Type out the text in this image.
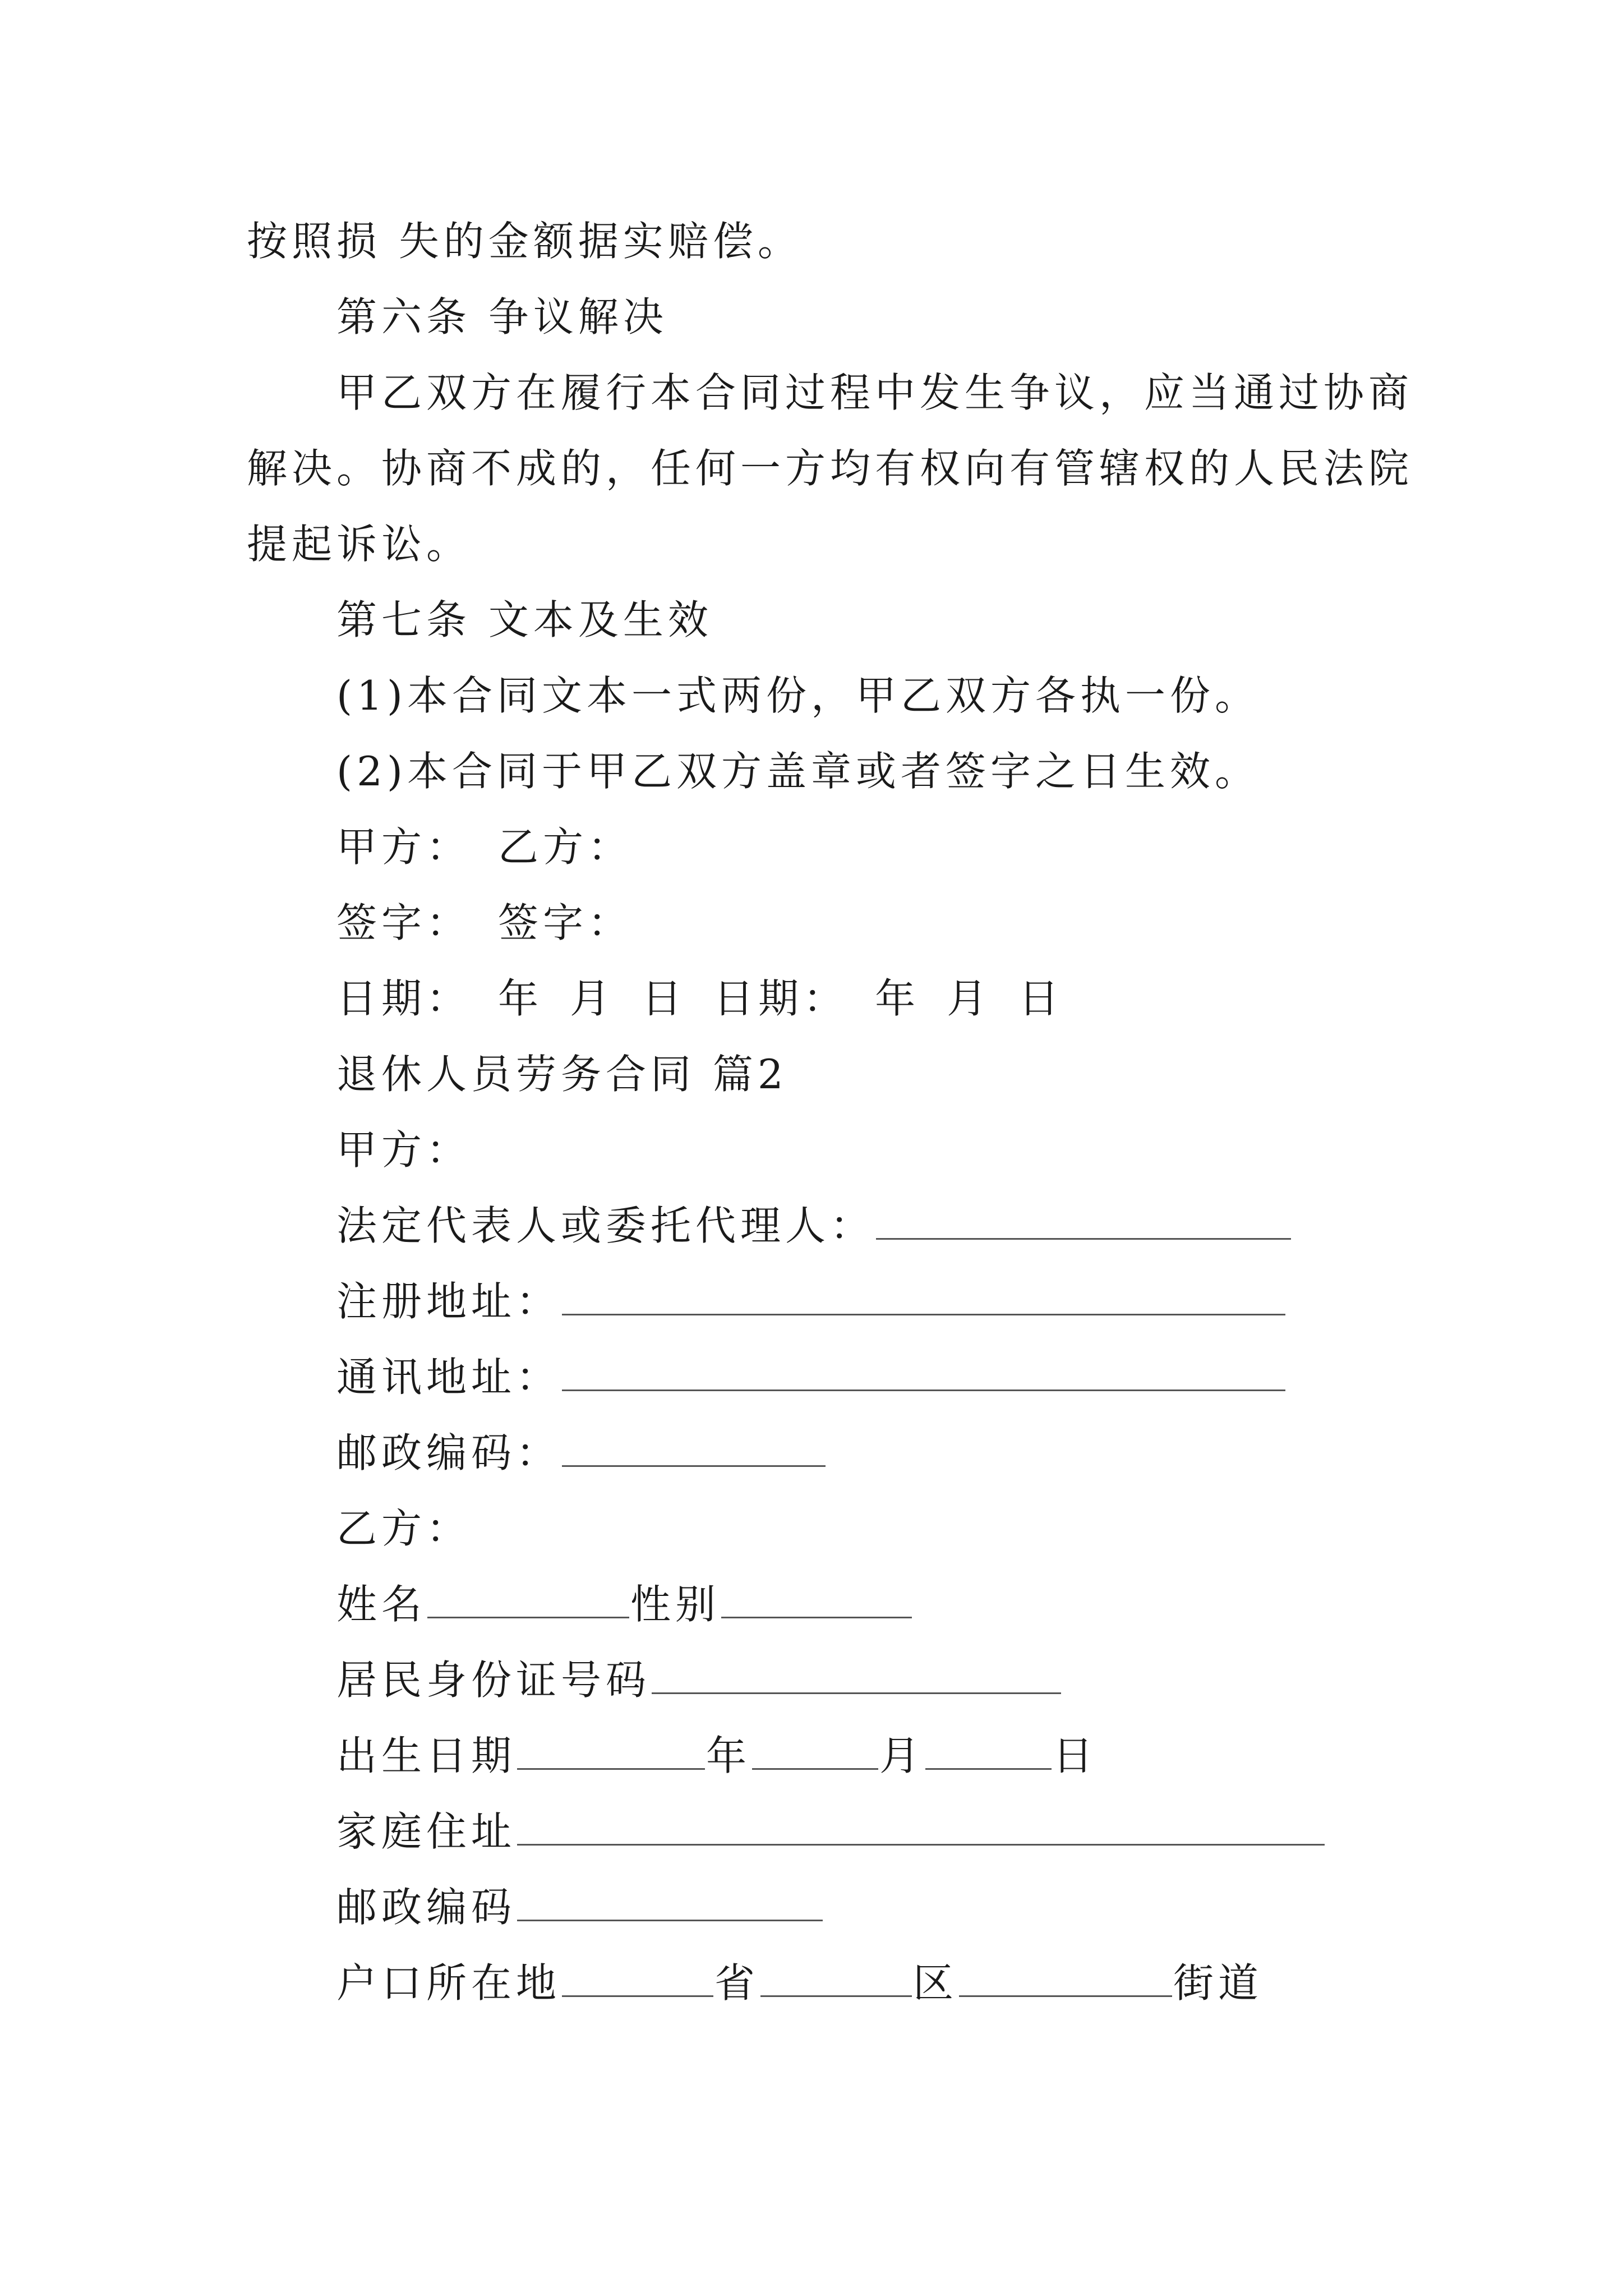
按照损 失的金额据实赔偿。
第六条 争议解决
甲乙双方在履行本合同过程中发生争议，应当通过协商
解决。协商不成的，任何一方均有权向有管辖权的人民法院
提起诉讼。
第七条 文本及生效
(1)本合同文本一式两份，甲乙双方各执一份。
(2)本合同于甲乙双方盖章或者签字之日生效。
甲方： 乙方：
签字： 签字：
日期： 年 月 日 日期： 年 月 日
退休人员劳务合同 篇2
甲方：
法定代表人或委托代理人：
注册地址：
通讯地址：
邮政编码：
乙方：
姓名	性别
居民身份证号码
出生日期	年	月	日
家庭住址
邮政编码
户口所在地	省	区	街道
